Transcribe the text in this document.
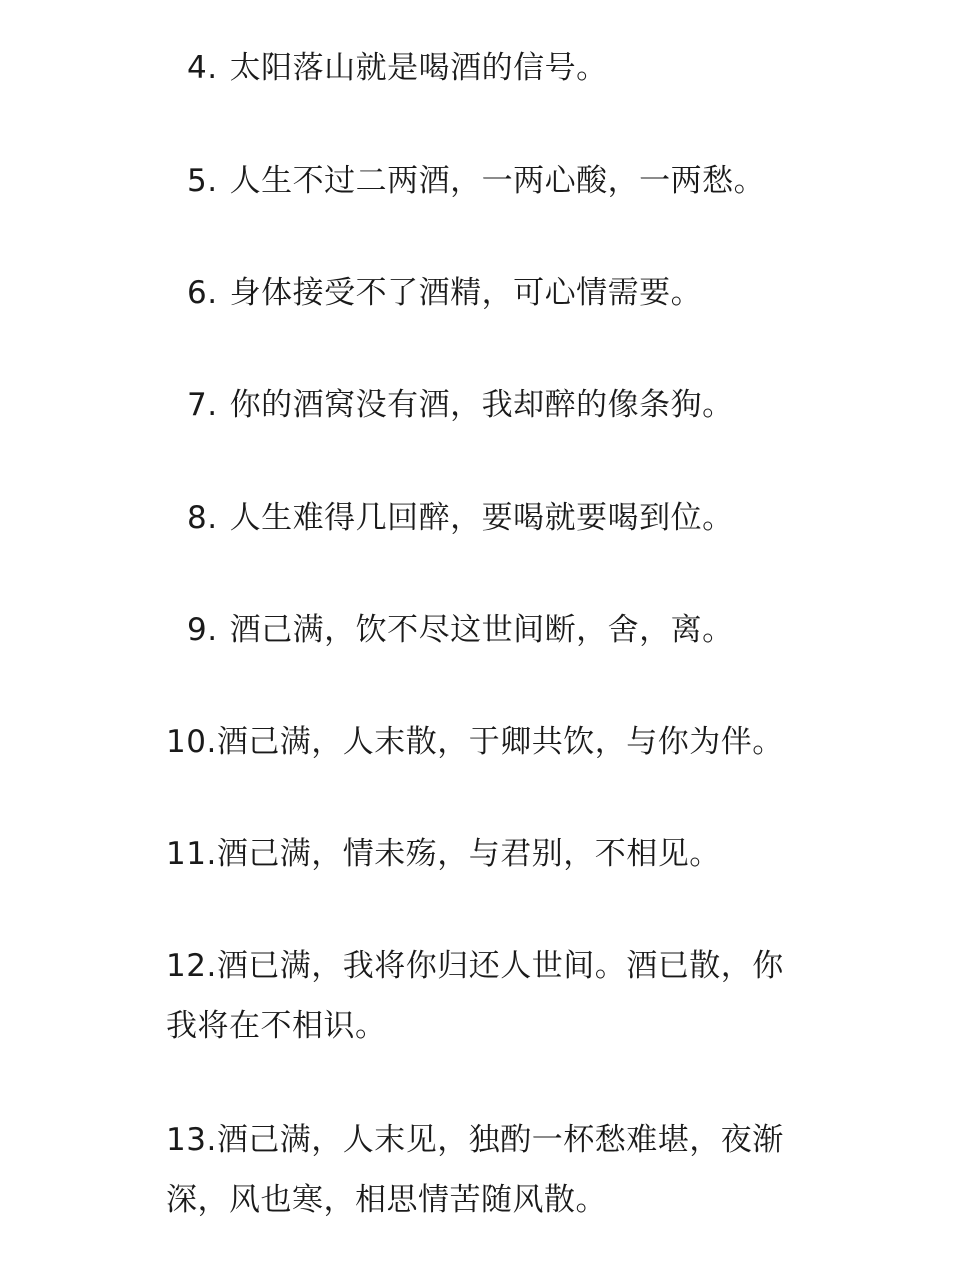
4. 太阳落山就是喝酒的信号。
5. 人生不过二两酒，一两心酸，一两愁。
6. 身体接受不了酒精，可心情需要。
7. 你的酒窝没有酒，我却醉的像条狗。
8. 人生难得几回醉，要喝就要喝到位。
9. 酒己满，饮不尽这世间断，舍，离。
10.酒己满，人末散，于卿共饮，与你为伴。
11.酒己满，情未殇，与君别，不相见。
12.酒已满，我将你归还人世间。酒已散，你
我将在不相识。
13.酒己满，人末见，独酌一杯愁难堪，夜渐
深，风也寒，相思情苦随风散。
